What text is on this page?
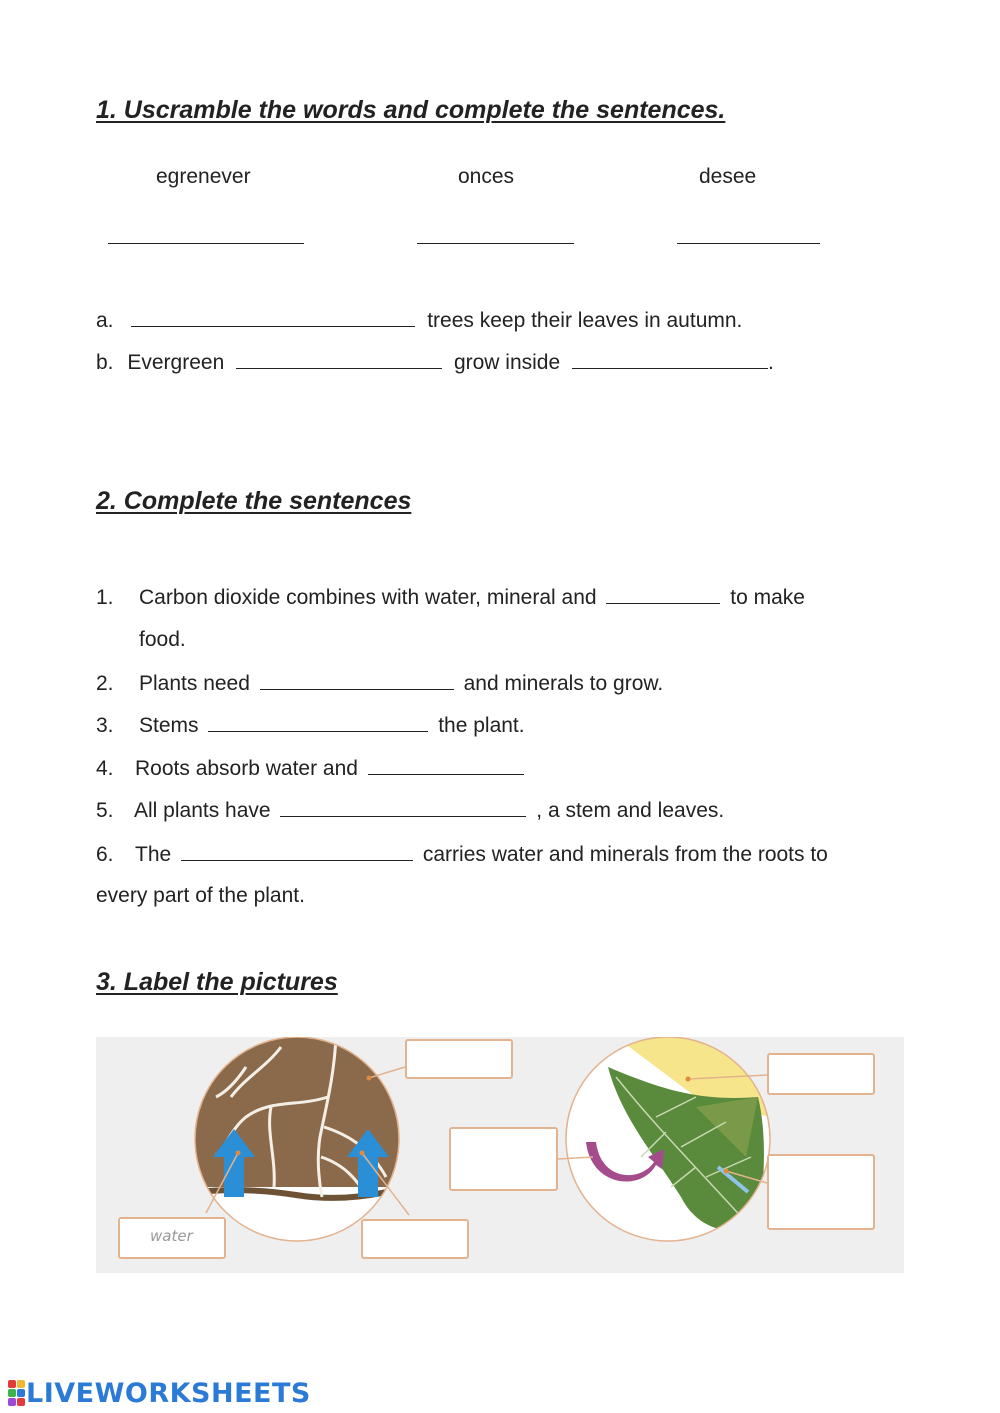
1. Uscramble the words and complete the sentences.
egrenever	onces	desee
a.	trees keep their leaves in autumn.
b. Evergreen	grow inside	.
2. Complete the sentences
1. Carbon dioxide combines with water, mineral and	to make
food.
2. Plants need	and minerals to grow.
3. Stems	the plant.
4. Roots absorb water and
5. All plants have	, a stem and leaves.
6. The	carries water and minerals from the roots to
every part of the plant.
3. Label the pictures
water
LIVEWORKSHEETS
